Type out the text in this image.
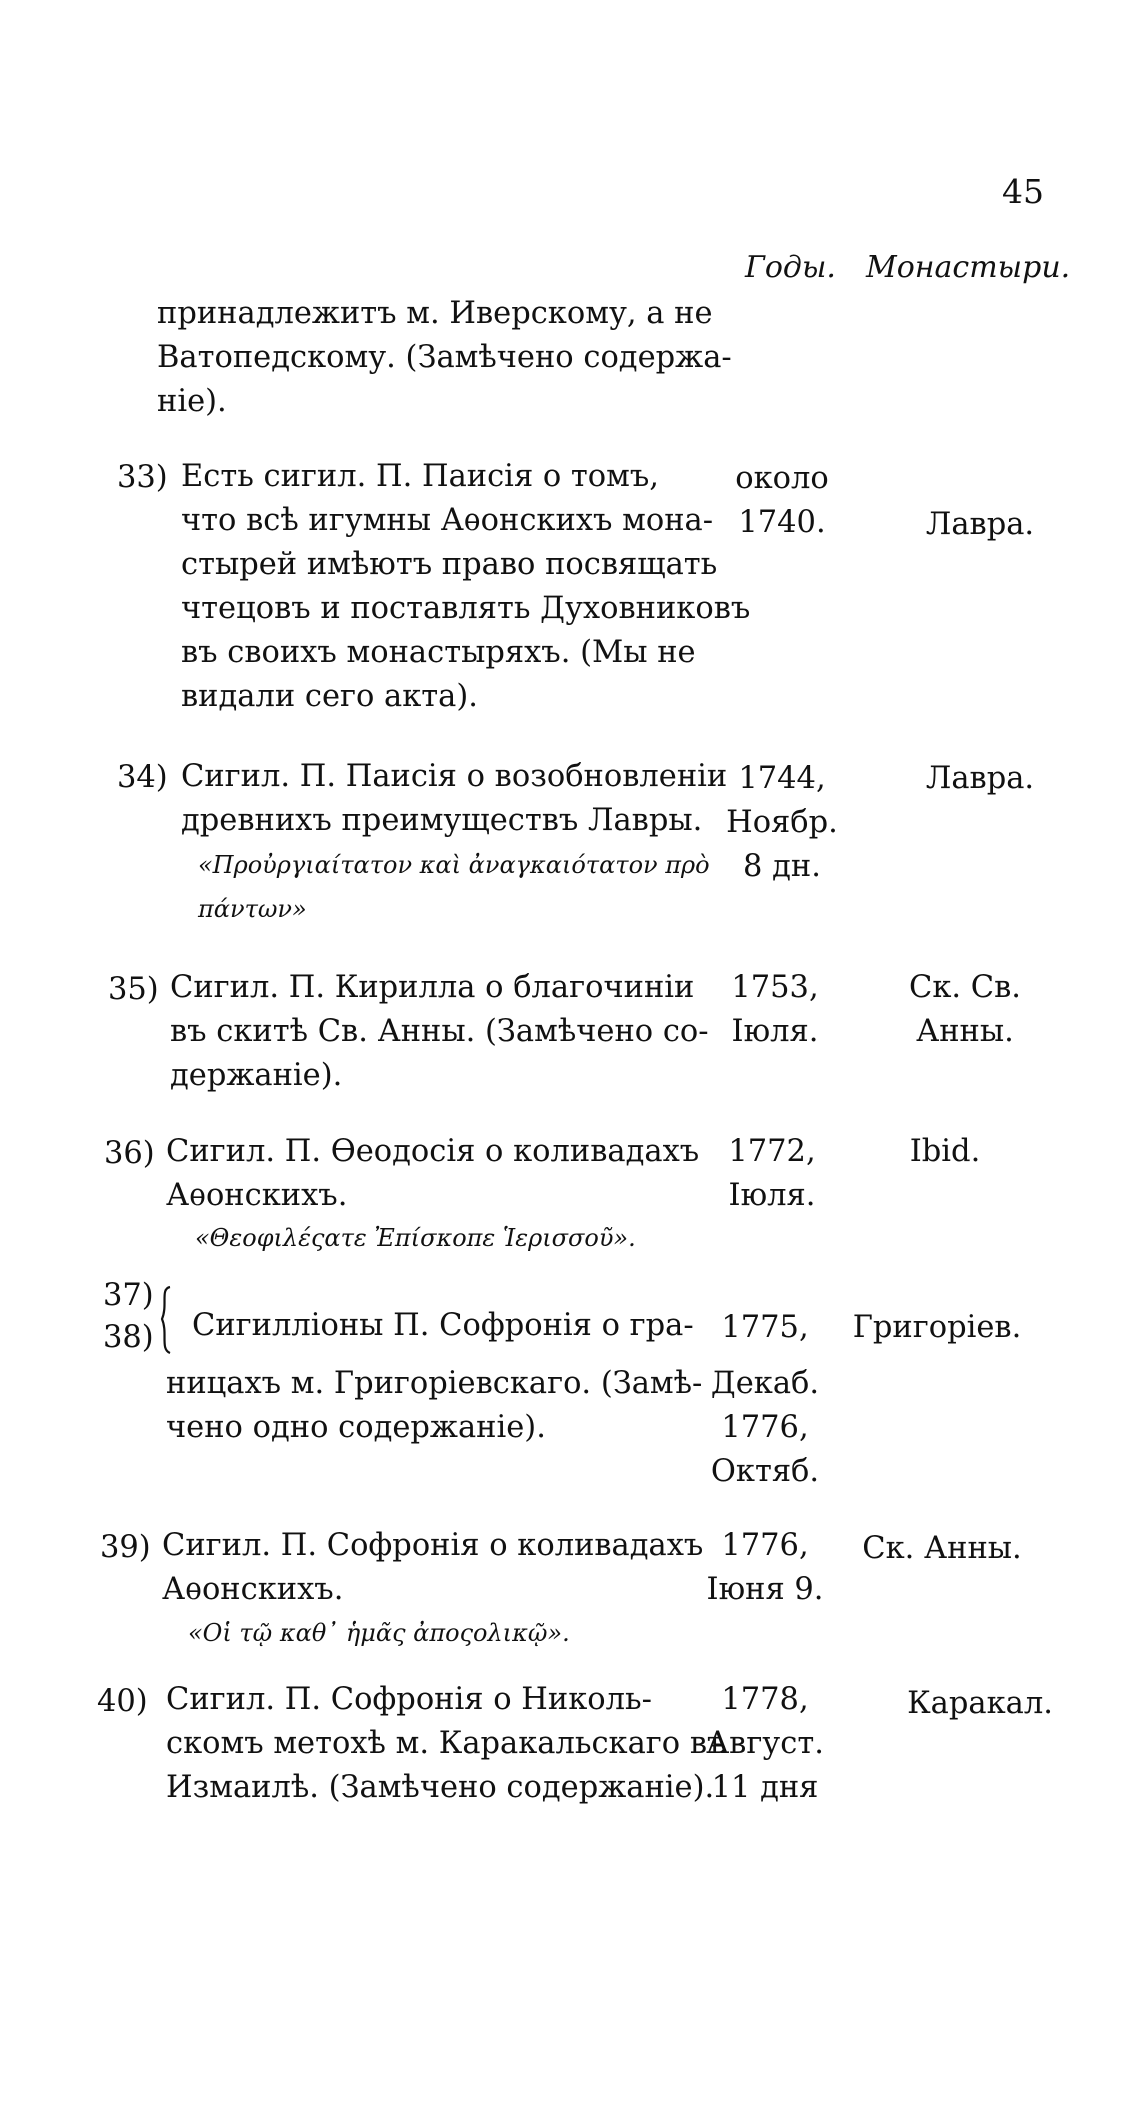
45
Годы. Монастыри.
принадлежитъ м. Иверскому, а не
Ватопедскому. (Замѣчено содержа-
ніе).
33) Есть сигил. П. Паисія о томъ,
что всѣ игумны Аѳонскихъ мона-
стырей имѣютъ право посвящать
чтецовъ и поставлять Духовниковъ
въ своихъ монастыряхъ. (Мы не
видали сего акта).
около
1740.	Лавра.
34) Сигил. П. Паисія о возобновленіи
древнихъ преимуществъ Лавры.
«Προὐργιαίτατον καὶ ἀναγκαιότατον πρὸ
πάντων»
1744,
Ноябр.
8 дн.
Лавра.
35) Сигил. П. Кирилла о благочиніи
въ скитѣ Св. Анны. (Замѣчено со-
держаніе).
1753,
Іюля.
Ск. Св.
Анны.
36) Сигил. П. Ѳеодосія о коливадахъ
Аѳонскихъ.
«Θεοφιλέςατε Ἐπίσκοπε Ἱερισσοῦ».
1772,
Іюля.
Ibid.
37)
38) Сигилліоны П. Софронія о гра-
ницахъ м. Григоріевскаго. (Замѣ-
чено одно содержаніе).
1775,
Декаб.
1776,
Октяб.
Григоріев.
39) Сигил. П. Софронія о коливадахъ
Аѳонскихъ.
«Οἱ τῷ καθ᾽ ἡμᾶς ἀποςολικῷ».
1776,
Іюня 9.
Ск. Анны.
40) Сигил. П. Софронія о Николь-
скомъ метохѣ м. Каракальскаго въ
Измаилѣ. (Замѣчено содержаніе).
1778,
Август.
11 дня
Каракал.
